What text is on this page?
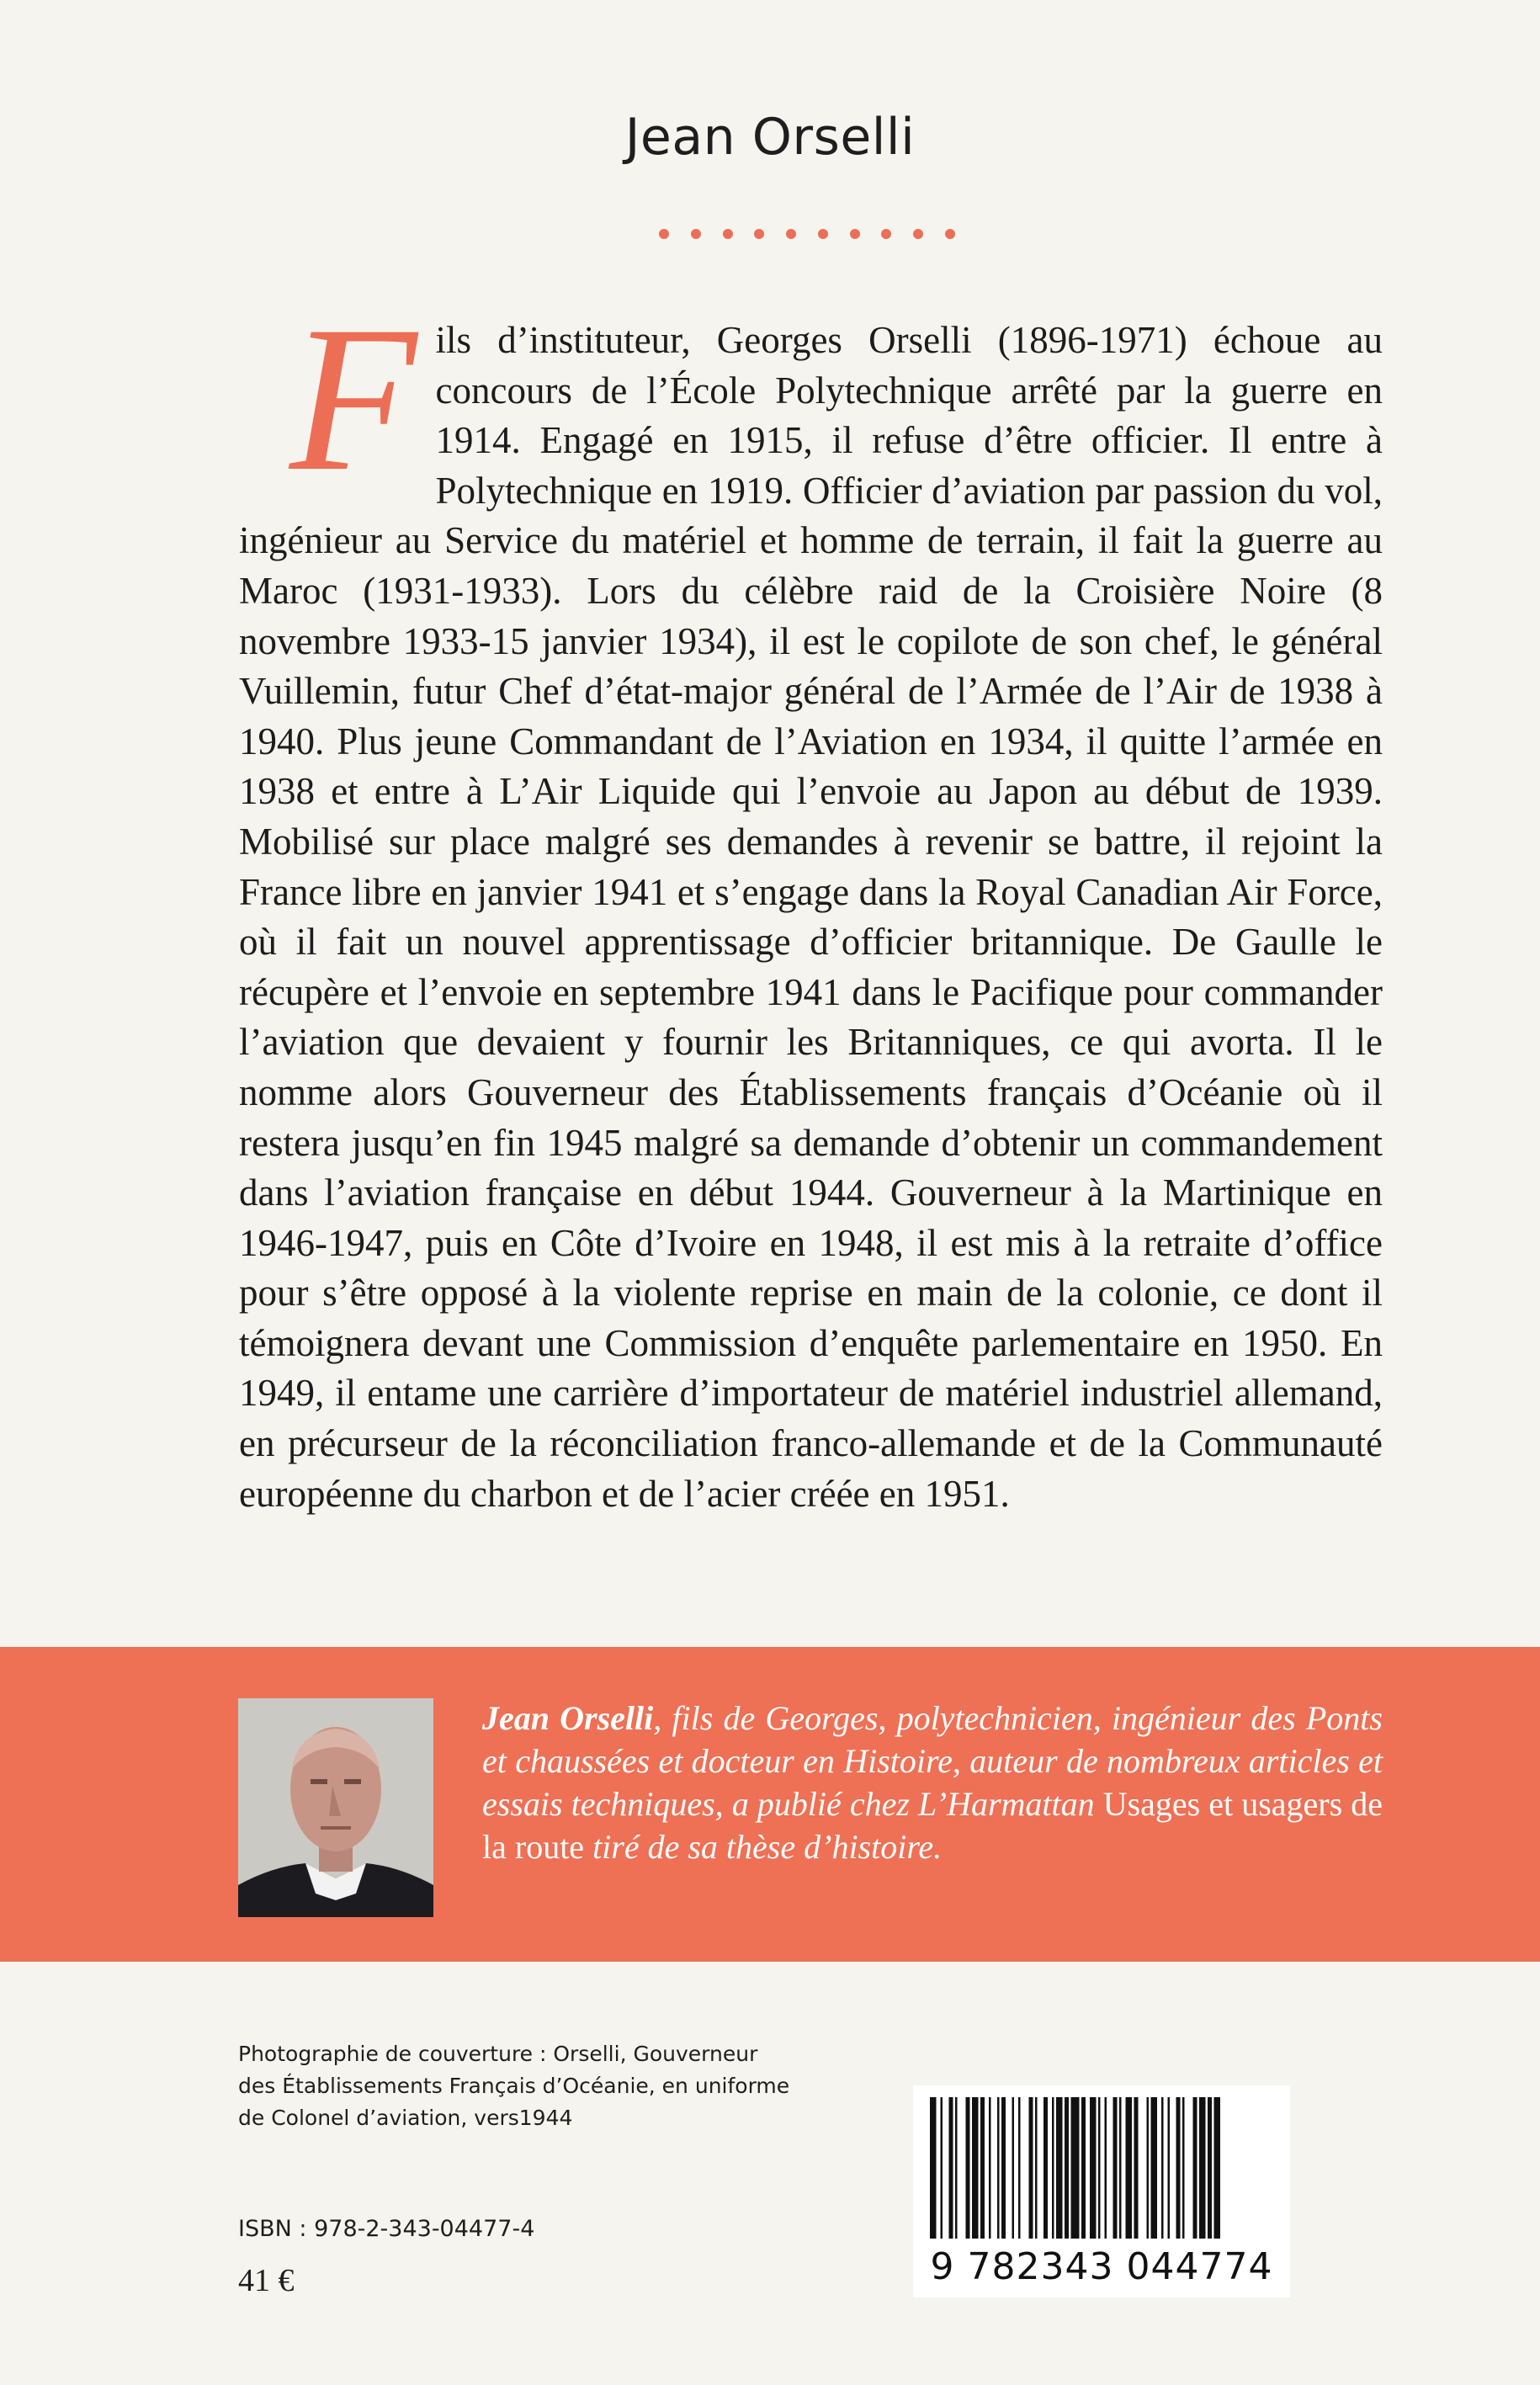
Jean Orselli

Fils d’instituteur, Georges Orselli (1896-1971) échoue au concours de l’École Polytechnique arrêté par la guerre en 1914. Engagé en 1915, il refuse d’être officier. Il entre à Polytechnique en 1919. Officier d’aviation par passion du vol, ingénieur au Service du matériel et homme de terrain, il fait la guerre au Maroc (1931-1933). Lors du célèbre raid de la Croisière Noire (8 novembre 1933-15 janvier 1934), il est le copilote de son chef, le général Vuillemin, futur Chef d’état-major général de l’Armée de l’Air de 1938 à 1940. Plus jeune Commandant de l’Aviation en 1934, il quitte l’armée en 1938 et entre à L’Air Liquide qui l’envoie au Japon au début de 1939. Mobilisé sur place malgré ses demandes à revenir se battre, il rejoint la France libre en janvier 1941 et s’engage dans la Royal Canadian Air Force, où il fait un nouvel apprentissage d’officier britannique. De Gaulle le récupère et l’envoie en septembre 1941 dans le Pacifique pour commander l’aviation que devaient y fournir les Britanniques, ce qui avorta. Il le nomme alors Gouverneur des Établissements français d’Océanie où il restera jusqu’en fin 1945 malgré sa demande d’obtenir un commandement dans l’aviation française en début 1944. Gouverneur à la Martinique en 1946-1947, puis en Côte d’Ivoire en 1948, il est mis à la retraite d’office pour s’être opposé à la violente reprise en main de la colonie, ce dont il témoignera devant une Commission d’enquête parlementaire en 1950. En 1949, il entame une carrière d’importateur de matériel industriel allemand, en précurseur de la réconciliation franco-allemande et de la Communauté européenne du charbon et de l’acier créée en 1951.

Jean Orselli, fils de Georges, polytechnicien, ingénieur des Ponts et chaussées et docteur en Histoire, auteur de nombreux articles et essais techniques, a publié chez L’Harmattan Usages et usagers de la route tiré de sa thèse d’histoire.

Photographie de couverture : Orselli, Gouverneur
des Établissements Français d’Océanie, en uniforme
de Colonel d’aviation, vers1944
ISBN : 978-2-343-04477-4
41 €	9 782343 044774
